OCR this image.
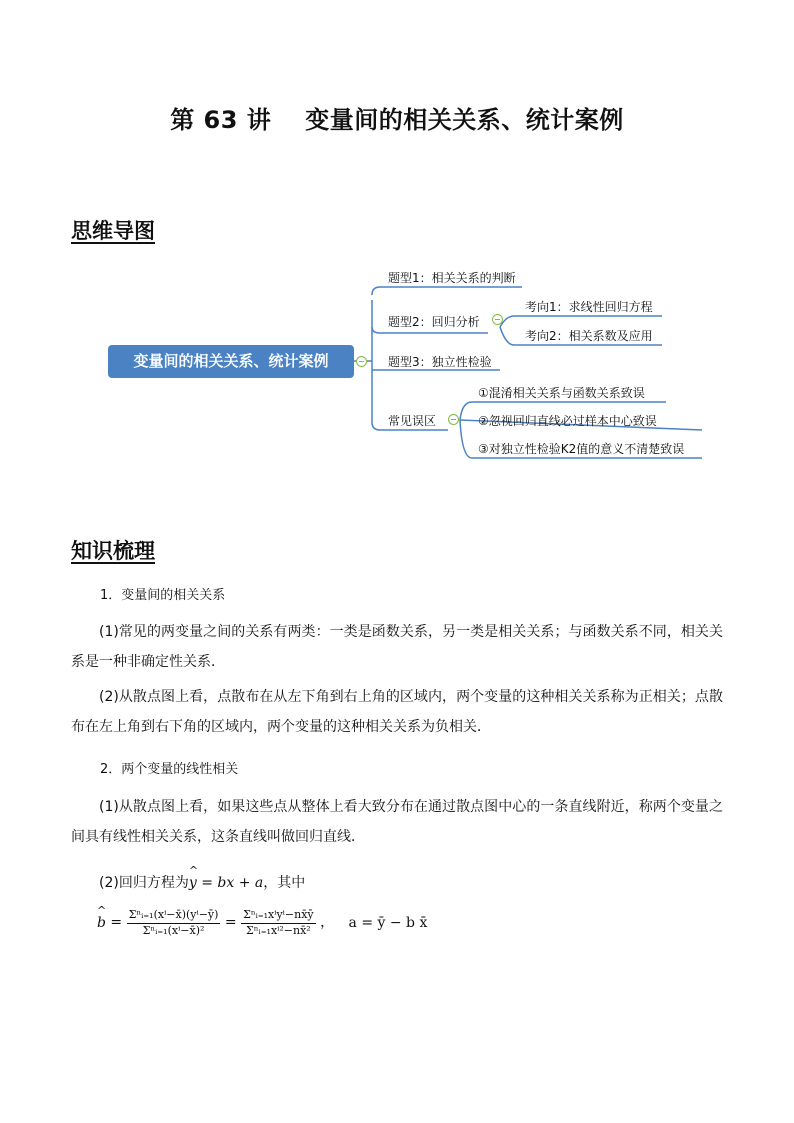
第 63 讲 变量间的相关关系、统计案例
思维导图
变量间的相关关系、统计案例
题型1：相关关系的判断
题型2：回归分析
考向1：求线性回归方程
考向2：相关系数及应用
题型3：独立性检验
常见误区
①混淆相关关系与函数关系致误
②忽视回归直线必过样本中心致误
③对独立性检验K2值的意义不清楚致误
知识梳理
1．变量间的相关关系
(1)常见的两变量之间的关系有两类：一类是函数关系，另一类是相关关系；与函数关系不同，相关关系是一种非确定性关系．
(2)从散点图上看，点散布在从左下角到右上角的区域内，两个变量的这种相关关系称为正相关；点散布在左上角到右下角的区域内，两个变量的这种相关关系为负相关．
2．两个变量的线性相关
(1)从散点图上看，如果这些点从整体上看大致分布在通过散点图中心的一条直线附近，称两个变量之间具有线性相关关系，这条直线叫做回归直线．
(2)回归方程为^ y = bx + a，其中
^ $b = \frac{\text{Σⁿᵢ₌₁(xⁱ−x̄)(yⁱ−ȳ)}}{\text{Σⁿᵢ₌₁(xⁱ−x̄)²}} = \frac{\text{Σⁿᵢ₌₁xⁱyⁱ−nx̄ȳ}}{\text{Σⁿᵢ₌₁xⁱ²−nx̄²}}$ ， a = ȳ − b x̄
